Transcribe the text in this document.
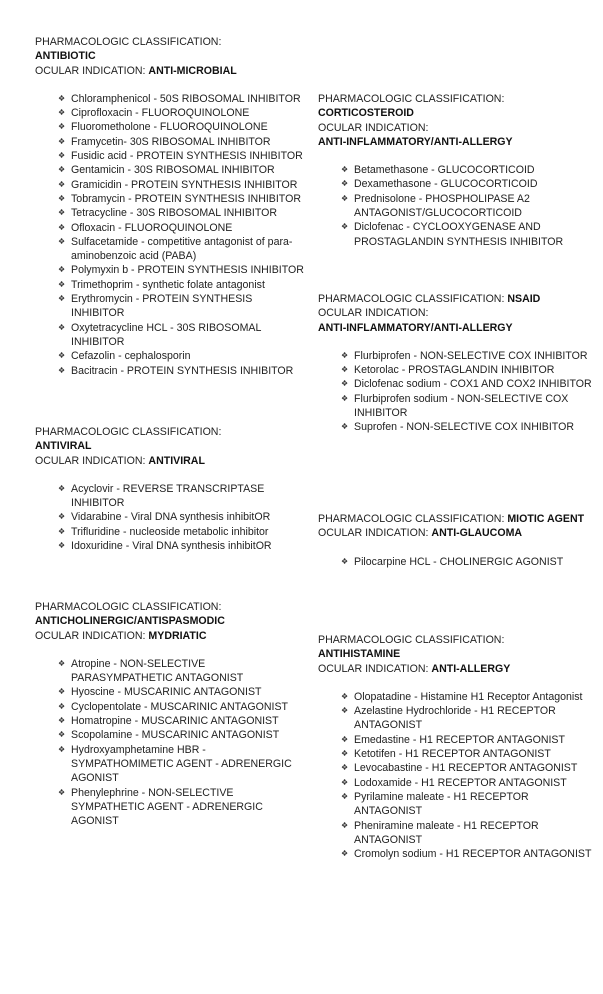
PHARMACOLOGIC CLASSIFICATION:
ANTIBIOTIC
OCULAR INDICATION: ANTI-MICROBIAL
❖ Chloramphenicol - 50S RIBOSOMAL INHIBITOR
❖ Ciprofloxacin - FLUOROQUINOLONE
❖ Fluorometholone - FLUOROQUINOLONE
❖ Framycetin- 30S RIBOSOMAL INHIBITOR
❖ Fusidic acid - PROTEIN SYNTHESIS INHIBITOR
❖ Gentamicin - 30S RIBOSOMAL INHIBITOR
❖ Gramicidin - PROTEIN SYNTHESIS INHIBITOR
❖ Tobramycin - PROTEIN SYNTHESIS INHIBITOR
❖ Tetracycline - 30S RIBOSOMAL INHIBITOR
❖ Ofloxacin - FLUOROQUINOLONE
❖ Sulfacetamide - competitive antagonist of para-aminobenzoic acid (PABA)
❖ Polymyxin b - PROTEIN SYNTHESIS INHIBITOR
❖ Trimethoprim - synthetic folate antagonist
❖ Erythromycin - PROTEIN SYNTHESIS INHIBITOR
❖ Oxytetracycline HCL - 30S RIBOSOMAL INHIBITOR
❖ Cefazolin - cephalosporin
❖ Bacitracin - PROTEIN SYNTHESIS INHIBITOR
PHARMACOLOGIC CLASSIFICATION:
ANTIVIRAL
OCULAR INDICATION: ANTIVIRAL
❖ Acyclovir - REVERSE TRANSCRIPTASE INHIBITOR
❖ Vidarabine - Viral DNA synthesis inhibitOR
❖ Trifluridine - nucleoside metabolic inhibitor
❖ Idoxuridine - Viral DNA synthesis inhibitOR
PHARMACOLOGIC CLASSIFICATION:
ANTICHOLINERGIC/ANTISPASMODIC
OCULAR INDICATION: MYDRIATIC
❖ Atropine - NON-SELECTIVE PARASYMPATHETIC ANTAGONIST
❖ Hyoscine - MUSCARINIC ANTAGONIST
❖ Cyclopentolate - MUSCARINIC ANTAGONIST
❖ Homatropine - MUSCARINIC ANTAGONIST
❖ Scopolamine - MUSCARINIC ANTAGONIST
❖ Hydroxyamphetamine HBR - SYMPATHOMIMETIC AGENT - ADRENERGIC AGONIST
❖ Phenylephrine - NON-SELECTIVE SYMPATHETIC AGENT - ADRENERGIC AGONIST
PHARMACOLOGIC CLASSIFICATION:
CORTICOSTEROID
OCULAR INDICATION:
ANTI-INFLAMMATORY/ANTI-ALLERGY
❖ Betamethasone - GLUCOCORTICOID
❖ Dexamethasone - GLUCOCORTICOID
❖ Prednisolone - PHOSPHOLIPASE A2 ANTAGONIST/GLUCOCORTICOID
❖ Diclofenac - CYCLOOXYGENASE AND PROSTAGLANDIN SYNTHESIS INHIBITOR
PHARMACOLOGIC CLASSIFICATION: NSAID
OCULAR INDICATION:
ANTI-INFLAMMATORY/ANTI-ALLERGY
❖ Flurbiprofen - NON-SELECTIVE COX INHIBITOR
❖ Ketorolac - PROSTAGLANDIN INHIBITOR
❖ Diclofenac sodium - COX1 AND COX2 INHIBITOR
❖ Flurbiprofen sodium - NON-SELECTIVE COX INHIBITOR
❖ Suprofen - NON-SELECTIVE COX INHIBITOR
PHARMACOLOGIC CLASSIFICATION: MIOTIC AGENT
OCULAR INDICATION: ANTI-GLAUCOMA
❖ Pilocarpine HCL - CHOLINERGIC AGONIST
PHARMACOLOGIC CLASSIFICATION:
ANTIHISTAMINE
OCULAR INDICATION: ANTI-ALLERGY
❖ Olopatadine - Histamine H1 Receptor Antagonist
❖ Azelastine Hydrochloride - H1 RECEPTOR ANTAGONIST
❖ Emedastine - H1 RECEPTOR ANTAGONIST
❖ Ketotifen - H1 RECEPTOR ANTAGONIST
❖ Levocabastine - H1 RECEPTOR ANTAGONIST
❖ Lodoxamide - H1 RECEPTOR ANTAGONIST
❖ Pyrilamine maleate - H1 RECEPTOR ANTAGONIST
❖ Pheniramine maleate - H1 RECEPTOR ANTAGONIST
❖ Cromolyn sodium - H1 RECEPTOR ANTAGONIST
